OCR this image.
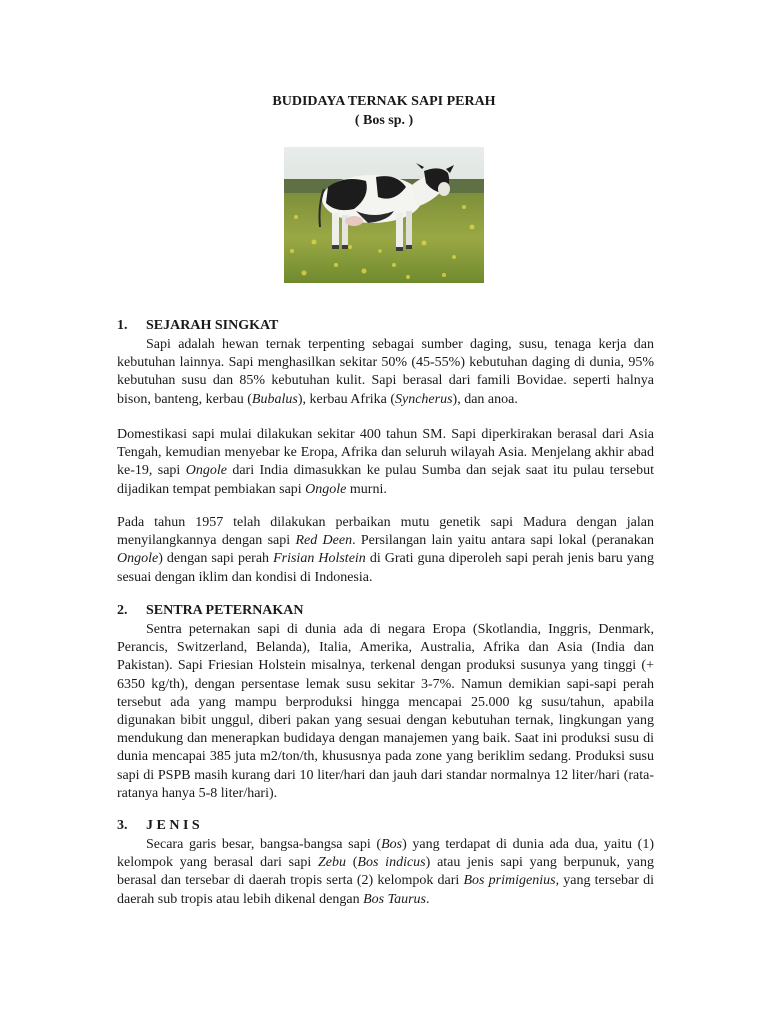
BUDIDAYA TERNAK SAPI PERAH
( Bos sp. )
1. SEJARAH SINGKAT

Sapi adalah hewan ternak terpenting sebagai sumber daging, susu, tenaga kerja dan kebutuhan lainnya. Sapi menghasilkan sekitar 50% (45-55%) kebutuhan daging di dunia, 95% kebutuhan susu dan 85% kebutuhan kulit. Sapi berasal dari famili Bovidae. seperti halnya bison, banteng, kerbau (Bubalus), kerbau Afrika (Syncherus), dan anoa.

Domestikasi sapi mulai dilakukan sekitar 400 tahun SM. Sapi diperkirakan berasal dari Asia Tengah, kemudian menyebar ke Eropa, Afrika dan seluruh wilayah Asia. Menjelang akhir abad ke-19, sapi Ongole dari India dimasukkan ke pulau Sumba dan sejak saat itu pulau tersebut dijadikan tempat pembiakan sapi Ongole murni.

Pada tahun 1957 telah dilakukan perbaikan mutu genetik sapi Madura dengan jalan menyilangkannya dengan sapi Red Deen. Persilangan lain yaitu antara sapi lokal (peranakan Ongole) dengan sapi perah Frisian Holstein di Grati guna diperoleh sapi perah jenis baru yang sesuai dengan iklim dan kondisi di Indonesia.

2. SENTRA PETERNAKAN

Sentra peternakan sapi di dunia ada di negara Eropa (Skotlandia, Inggris, Denmark, Perancis, Switzerland, Belanda), Italia, Amerika, Australia, Afrika dan Asia (India dan Pakistan). Sapi Friesian Holstein misalnya, terkenal dengan produksi susunya yang tinggi (+ 6350 kg/th), dengan persentase lemak susu sekitar 3-7%. Namun demikian sapi-sapi perah tersebut ada yang mampu berproduksi hingga mencapai 25.000 kg susu/tahun, apabila digunakan bibit unggul, diberi pakan yang sesuai dengan kebutuhan ternak, lingkungan yang mendukung dan menerapkan budidaya dengan manajemen yang baik. Saat ini produksi susu di dunia mencapai 385 juta m2/ton/th, khususnya pada zone yang beriklim sedang. Produksi susu sapi di PSPB masih kurang dari 10 liter/hari dan jauh dari standar normalnya 12 liter/hari (rata-ratanya hanya 5-8 liter/hari).

3. J E N I S

Secara garis besar, bangsa-bangsa sapi (Bos) yang terdapat di dunia ada dua, yaitu (1) kelompok yang berasal dari sapi Zebu (Bos indicus) atau jenis sapi yang berpunuk, yang berasal dan tersebar di daerah tropis serta (2) kelompok dari Bos primigenius, yang tersebar di daerah sub tropis atau lebih dikenal dengan Bos Taurus.
